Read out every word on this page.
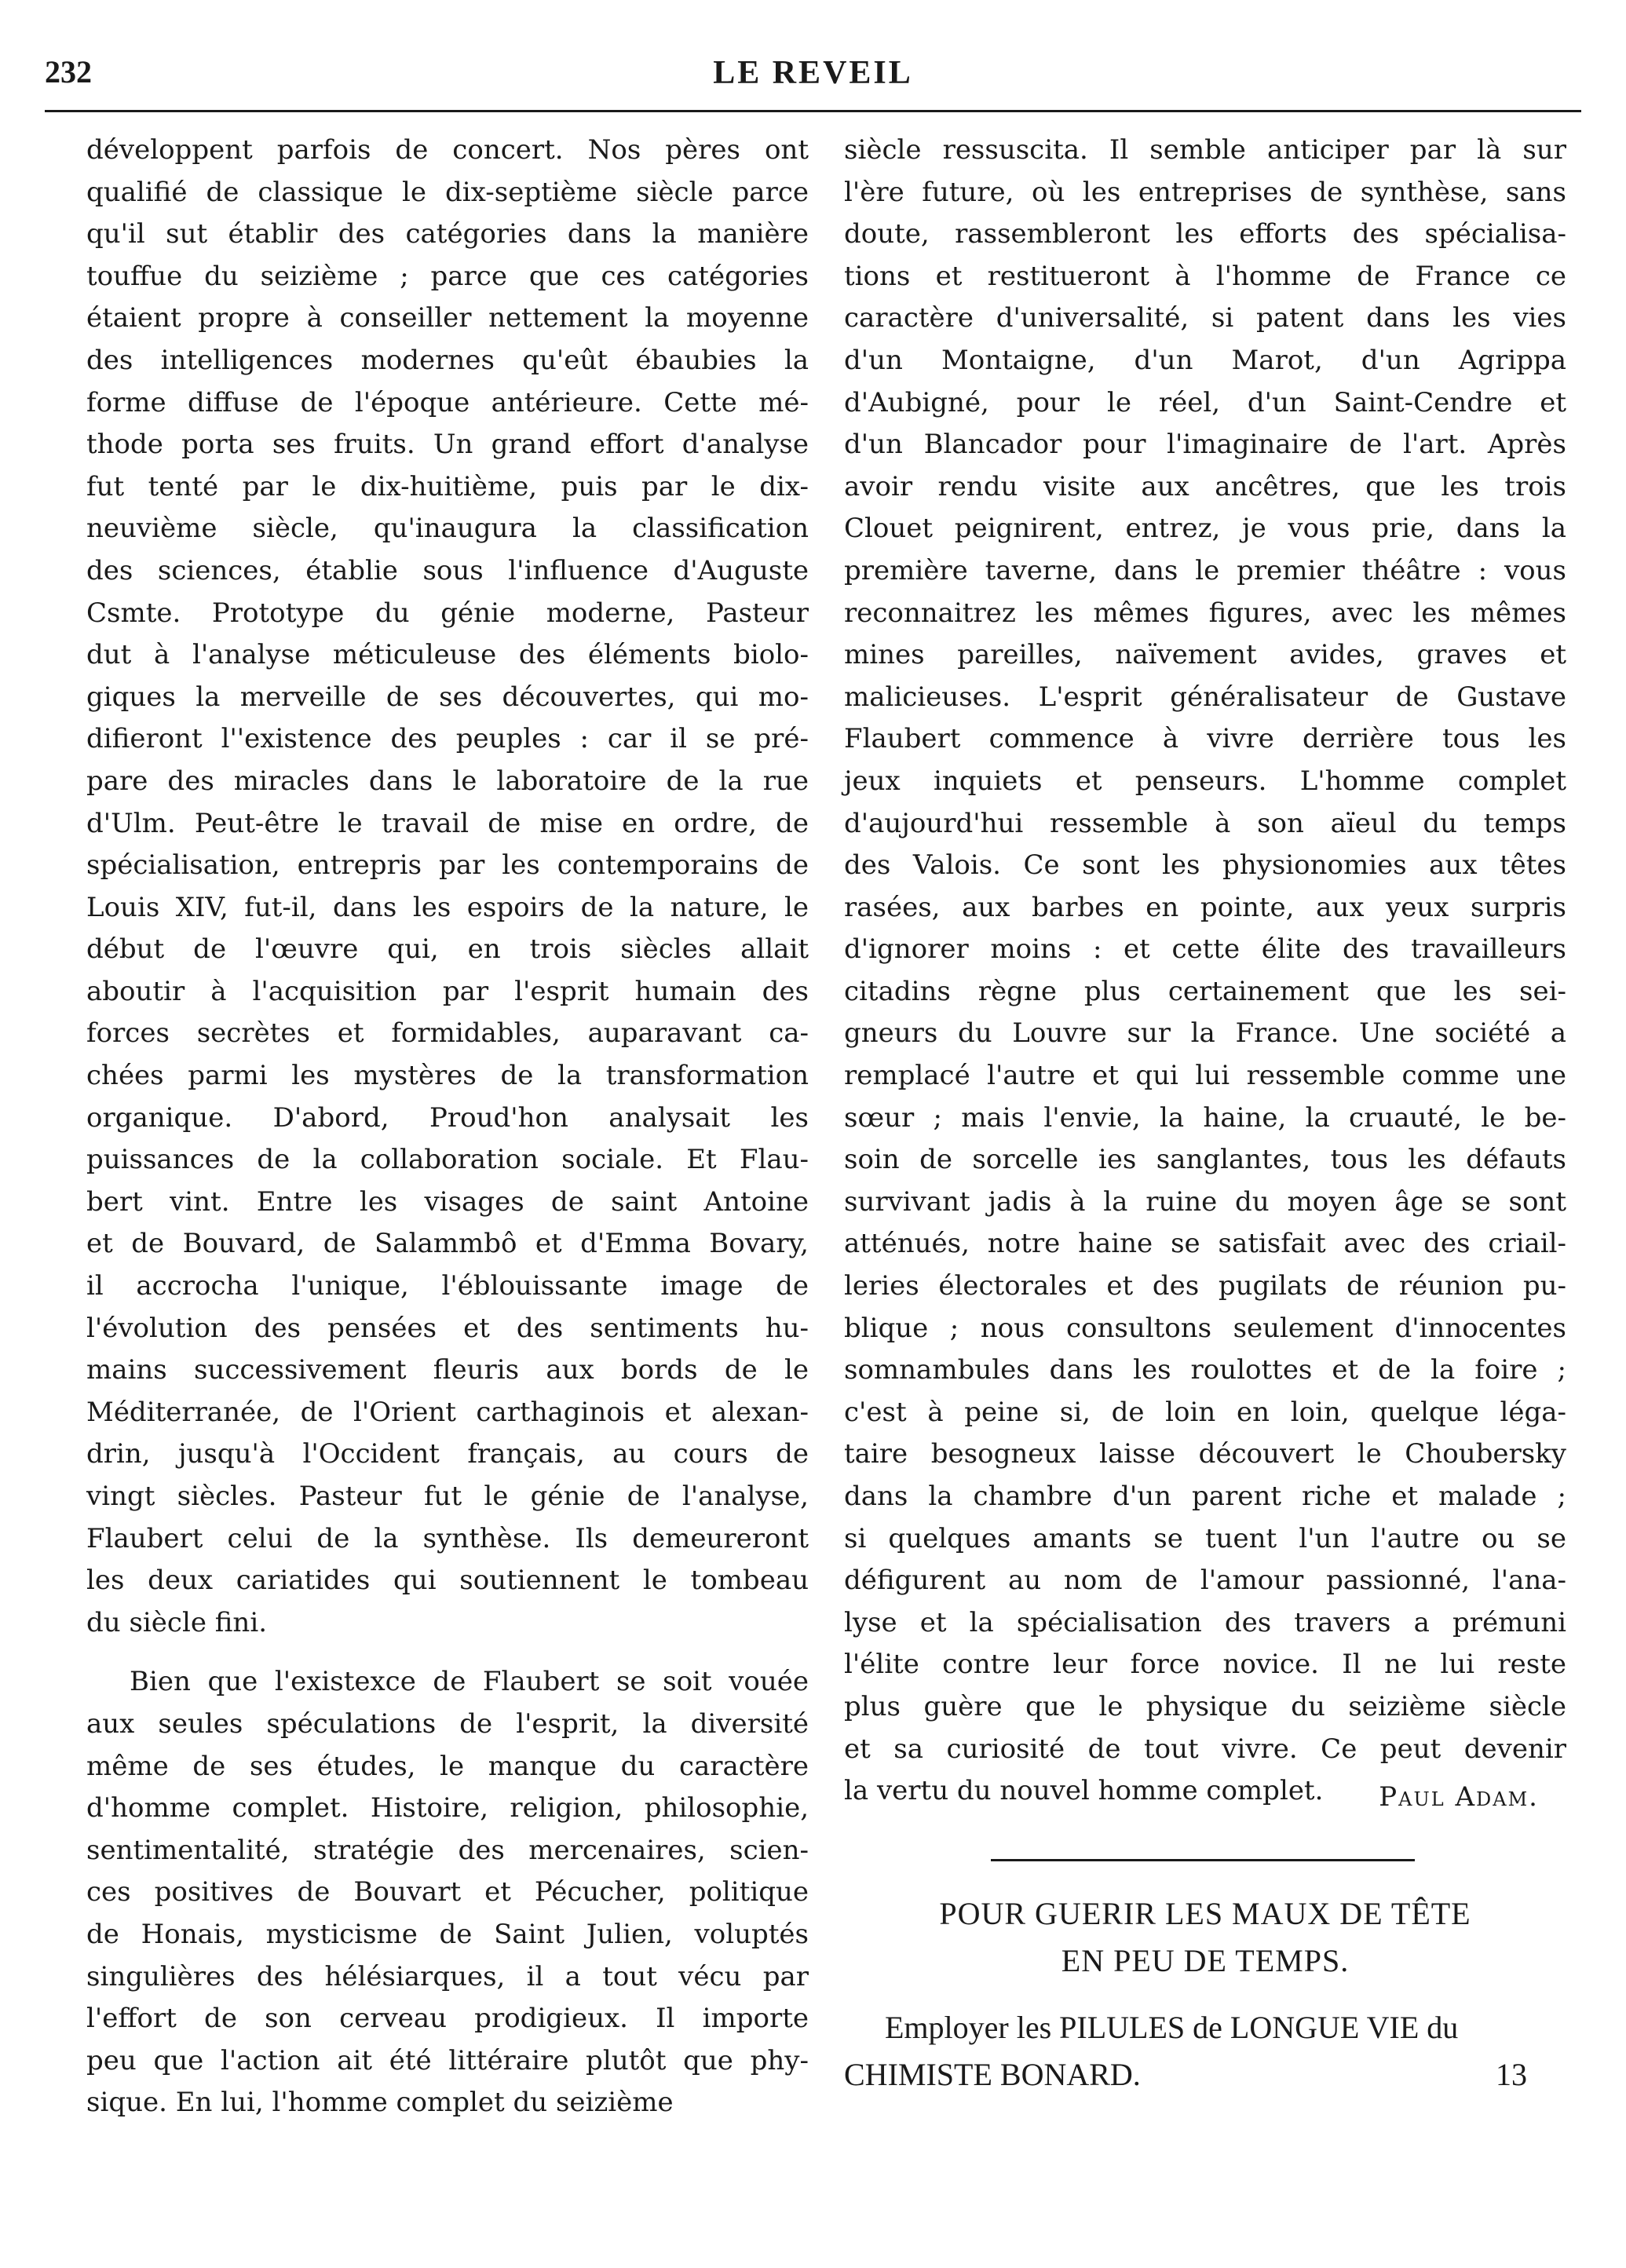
232	LE REVEIL
développent parfois de concert. Nos pères ont
qualifié de classique le dix-septième siècle parce
qu'il sut établir des catégories dans la manière
touffue du seizième ; parce que ces catégories
étaient propre à conseiller nettement la moyenne
des intelligences modernes qu'eût ébaubies la
forme diffuse de l'époque antérieure. Cette mé-
thode porta ses fruits. Un grand effort d'analyse
fut tenté par le dix-huitième, puis par le dix-
neuvième siècle, qu'inaugura la classification
des sciences, établie sous l'influence d'Auguste
Csmte. Prototype du génie moderne, Pasteur
dut à l'analyse méticuleuse des éléments biolo-
giques la merveille de ses découvertes, qui mo-
difieront l''existence des peuples : car il se pré-
pare des miracles dans le laboratoire de la rue
d'Ulm. Peut-être le travail de mise en ordre, de
spécialisation, entrepris par les contemporains de
Louis XIV, fut-il, dans les espoirs de la nature, le
début de l'œuvre qui, en trois siècles allait
aboutir à l'acquisition par l'esprit humain des
forces secrètes et formidables, auparavant ca-
chées parmi les mystères de la transformation
organique. D'abord, Proud'hon analysait les
puissances de la collaboration sociale. Et Flau-
bert vint. Entre les visages de saint Antoine
et de Bouvard, de Salammbô et d'Emma Bovary,
il accrocha l'unique, l'éblouissante image de
l'évolution des pensées et des sentiments hu-
mains successivement fleuris aux bords de le
Méditerranée, de l'Orient carthaginois et alexan-
drin, jusqu'à l'Occident français, au cours de
vingt siècles. Pasteur fut le génie de l'analyse,
Flaubert celui de la synthèse. Ils demeureront
les deux cariatides qui soutiennent le tombeau
du siècle fini.
Bien que l'existexce de Flaubert se soit vouée
aux seules spéculations de l'esprit, la diversité
même de ses études, le manque du caractère
d'homme complet. Histoire, religion, philosophie,
sentimentalité, stratégie des mercenaires, scien-
ces positives de Bouvart et Pécucher, politique
de Honais, mysticisme de Saint Julien, voluptés
singulières des hélésiarques, il a tout vécu par
l'effort de son cerveau prodigieux. Il importe
peu que l'action ait été littéraire plutôt que phy-
sique. En lui, l'homme complet du seizième
siècle ressuscita. Il semble anticiper par là sur
l'ère future, où les entreprises de synthèse, sans
doute, rassembleront les efforts des spécialisa-
tions et restitueront à l'homme de France ce
caractère d'universalité, si patent dans les vies
d'un Montaigne, d'un Marot, d'un Agrippa
d'Aubigné, pour le réel, d'un Saint-Cendre et
d'un Blancador pour l'imaginaire de l'art. Après
avoir rendu visite aux ancêtres, que les trois
Clouet peignirent, entrez, je vous prie, dans la
première taverne, dans le premier théâtre : vous
reconnaitrez les mêmes figures, avec les mêmes
mines pareilles, naïvement avides, graves et
malicieuses. L'esprit généralisateur de Gustave
Flaubert commence à vivre derrière tous les
jeux inquiets et penseurs. L'homme complet
d'aujourd'hui ressemble à son aïeul du temps
des Valois. Ce sont les physionomies aux têtes
rasées, aux barbes en pointe, aux yeux surpris
d'ignorer moins : et cette élite des travailleurs
citadins règne plus certainement que les sei-
gneurs du Louvre sur la France. Une société a
remplacé l'autre et qui lui ressemble comme une
sœur ; mais l'envie, la haine, la cruauté, le be-
soin de sorcelle ies sanglantes, tous les défauts
survivant jadis à la ruine du moyen âge se sont
atténués, notre haine se satisfait avec des criail-
leries électorales et des pugilats de réunion pu-
blique ; nous consultons seulement d'innocentes
somnambules dans les roulottes et de la foire ;
c'est à peine si, de loin en loin, quelque léga-
taire besogneux laisse découvert le Choubersky
dans la chambre d'un parent riche et malade ;
si quelques amants se tuent l'un l'autre ou se
défigurent au nom de l'amour passionné, l'ana-
lyse et la spécialisation des travers a prémuni
l'élite contre leur force novice. Il ne lui reste
plus guère que le physique du seizième siècle
et sa curiosité de tout vivre. Ce peut devenir
la vertu du nouvel homme complet.	Paul Adam.
POUR GUERIR LES MAUX DE TÊTE
EN PEU DE TEMPS.
Employer les PILULES de LONGUE VIE du
CHIMISTE BONARD.	13
